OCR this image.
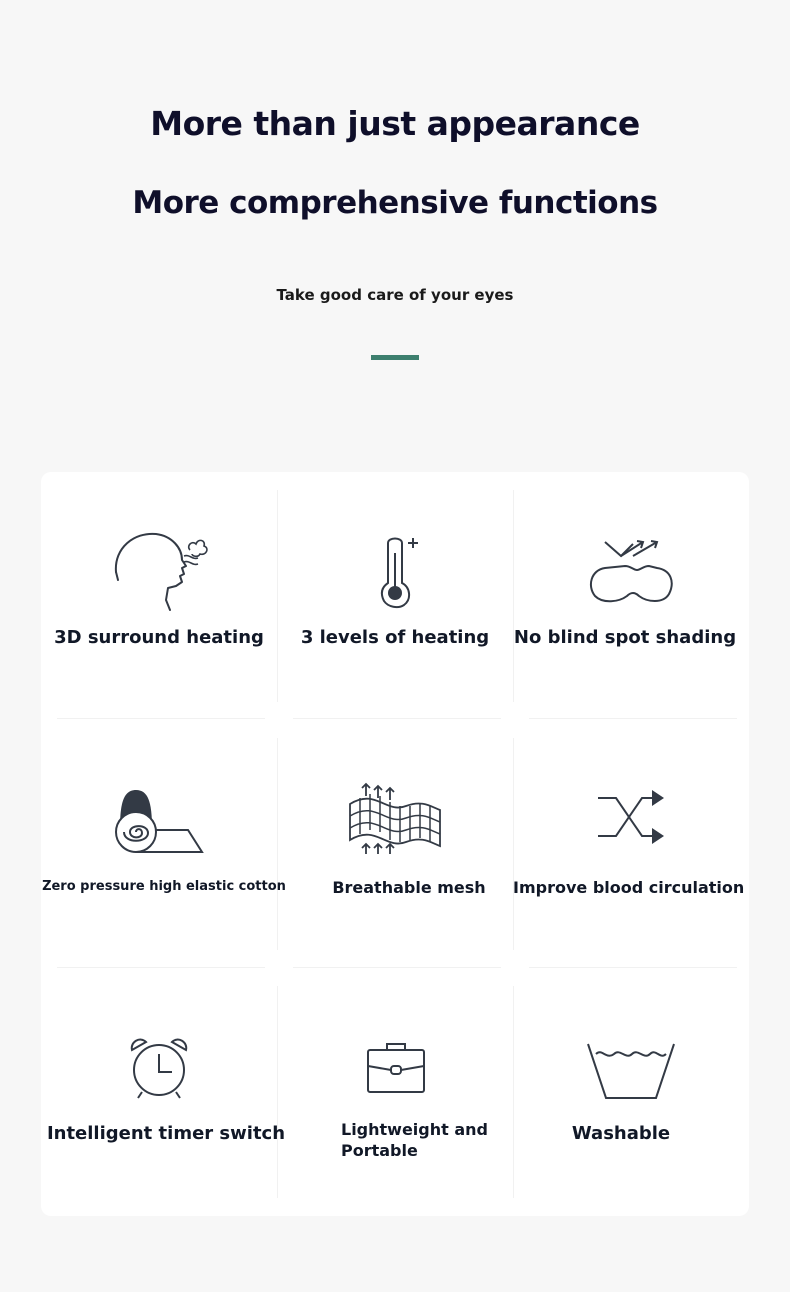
More than just appearance
More comprehensive functions
Take good care of your eyes
3D surround heating	3 levels of heating	No blind spot shading
Zero pressure high elastic cotton	Breathable mesh	Improve blood circulation
Intelligent timer switch	Lightweight and Portable
Washable
